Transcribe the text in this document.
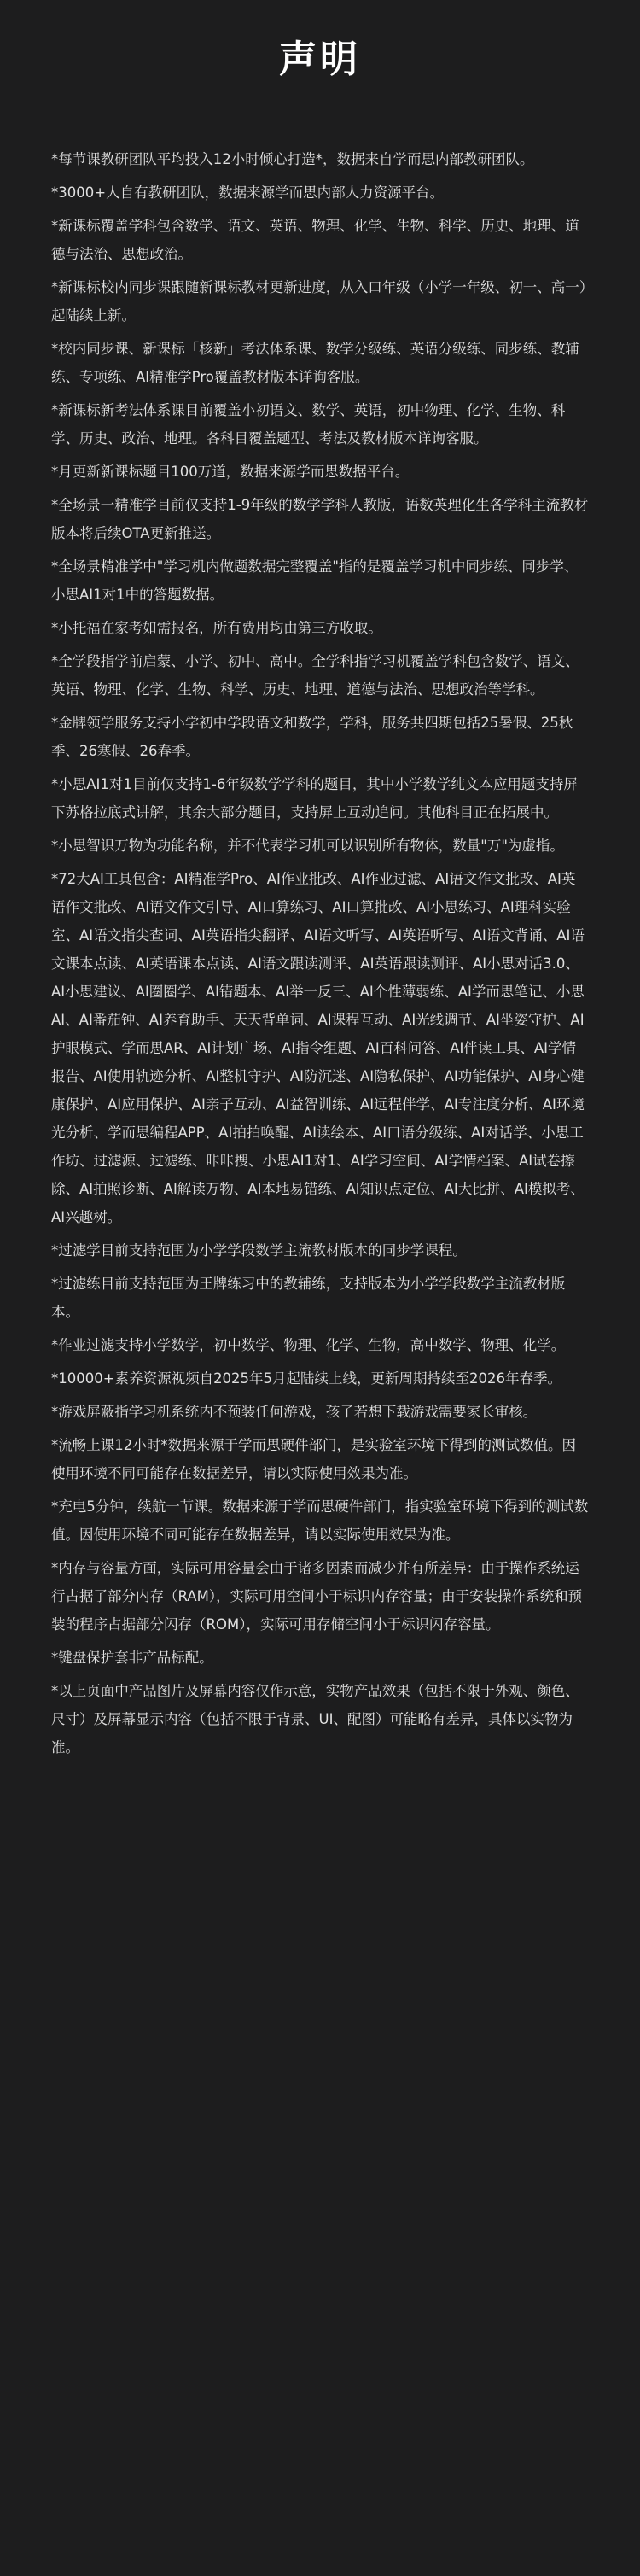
声明

*每节课教研团队平均投入12小时倾心打造*，数据来自学而思内部教研团队。

*3000+人自有教研团队，数据来源学而思内部人力资源平台。

*新课标覆盖学科包含数学、语文、英语、物理、化学、生物、科学、历史、地理、道德与法治、思想政治。

*新课标校内同步课跟随新课标教材更新进度，从入口年级（小学一年级、初一、高一）起陆续上新。

*校内同步课、新课标「核新」考法体系课、数学分级练、英语分级练、同步练、教辅练、专项练、AI精准学Pro覆盖教材版本详询客服。

*新课标新考法体系课目前覆盖小初语文、数学、英语，初中物理、化学、生物、科学、历史、政治、地理。各科目覆盖题型、考法及教材版本详询客服。

*月更新新课标题目100万道，数据来源学而思数据平台。

*全场景一精准学目前仅支持1-9年级的数学学科人教版，语数英理化生各学科主流教材版本将后续OTA更新推送。

*全场景精准学中"学习机内做题数据完整覆盖"指的是覆盖学习机中同步练、同步学、小思AI1对1中的答题数据。

*小托福在家考如需报名，所有费用均由第三方收取。

*全学段指学前启蒙、小学、初中、高中。全学科指学习机覆盖学科包含数学、语文、英语、物理、化学、生物、科学、历史、地理、道德与法治、思想政治等学科。

*金牌领学服务支持小学初中学段语文和数学，学科，服务共四期包括25暑假、25秋季、26寒假、26春季。

*小思AI1对1目前仅支持1-6年级数学学科的题目，其中小学数学纯文本应用题支持屏下苏格拉底式讲解，其余大部分题目，支持屏上互动追问。其他科目正在拓展中。

*小思智识万物为功能名称，并不代表学习机可以识别所有物体，数量"万"为虚指。

*72大AI工具包含：AI精准学Pro、AI作业批改、AI作业过滤、AI语文作文批改、AI英语作文批改、AI语文作文引导、AI口算练习、AI口算批改、AI小思练习、AI理科实验室、AI语文指尖查词、AI英语指尖翻译、AI语文听写、AI英语听写、AI语文背诵、AI语文课本点读、AI英语课本点读、AI语文跟读测评、AI英语跟读测评、AI小思对话3.0、AI小思建议、AI圈圈学、AI错题本、AI举一反三、AI个性薄弱练、AI学而思笔记、小思AI、AI番茄钟、AI养育助手、天天背单词、AI课程互动、AI光线调节、AI坐姿守护、AI护眼模式、学而思AR、AI计划广场、AI指令组题、AI百科问答、AI伴读工具、AI学情报告、AI使用轨迹分析、AI整机守护、AI防沉迷、AI隐私保护、AI功能保护、AI身心健康保护、AI应用保护、AI亲子互动、AI益智训练、AI远程伴学、AI专注度分析、AI环境光分析、学而思编程APP、AI拍拍唤醒、AI读绘本、AI口语分级练、AI对话学、小思工作坊、过滤源、过滤练、咔咔搜、小思AI1对1、AI学习空间、AI学情档案、AI试卷擦除、AI拍照诊断、AI解读万物、AI本地易错练、AI知识点定位、AI大比拼、AI模拟考、AI兴趣树。

*过滤学目前支持范围为小学学段数学主流教材版本的同步学课程。

*过滤练目前支持范围为王牌练习中的教辅练，支持版本为小学学段数学主流教材版本。

*作业过滤支持小学数学，初中数学、物理、化学、生物，高中数学、物理、化学。

*10000+素养资源视频自2025年5月起陆续上线，更新周期持续至2026年春季。

*游戏屏蔽指学习机系统内不预装任何游戏，孩子若想下载游戏需要家长审核。

*流畅上课12小时*数据来源于学而思硬件部门，是实验室环境下得到的测试数值。因使用环境不同可能存在数据差异，请以实际使用效果为准。

*充电5分钟，续航一节课。数据来源于学而思硬件部门，指实验室环境下得到的测试数值。因使用环境不同可能存在数据差异，请以实际使用效果为准。

*内存与容量方面，实际可用容量会由于诸多因素而减少并有所差异：由于操作系统运行占据了部分内存（RAM），实际可用空间小于标识内存容量；由于安装操作系统和预装的程序占据部分闪存（ROM），实际可用存储空间小于标识闪存容量。

*键盘保护套非产品标配。

*以上页面中产品图片及屏幕内容仅作示意，实物产品效果（包括不限于外观、颜色、尺寸）及屏幕显示内容（包括不限于背景、UI、配图）可能略有差异，具体以实物为准。
